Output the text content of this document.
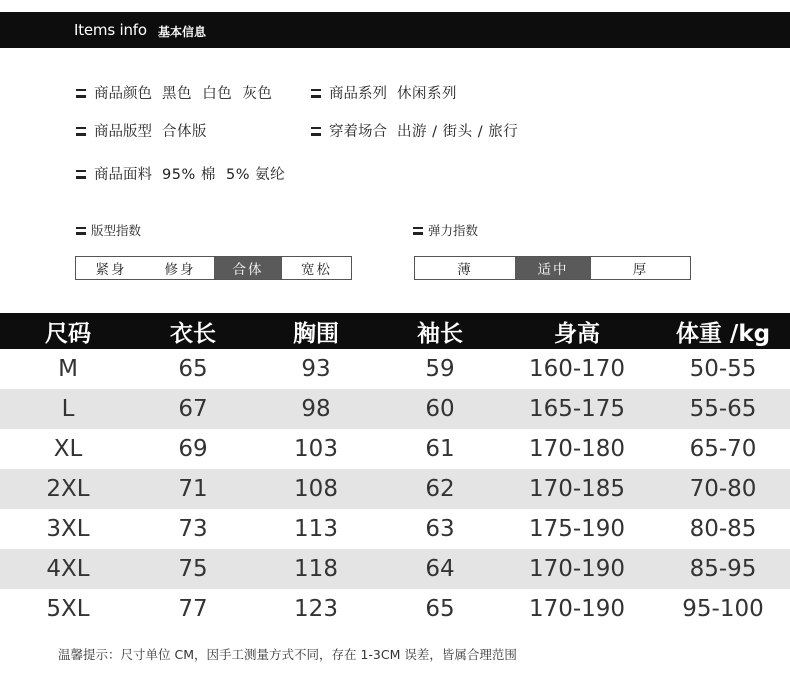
Items info 基本信息
商品颜色 黑色  白色  灰色	商品系列 休闲系列
商品版型 合体版	穿着场合 出游 / 街头 / 旅行
商品面料 95% 棉  5% 氨纶
版型指数
紧身	修身	合体	宽松
弹力指数
薄	适中	厚
尺码	衣长	胸围	袖长	身高	体重 /kg
M	65	93	59	160-170	50-55
L	67	98	60	165-175	55-65
XL	69	103	61	170-180	65-70
2XL	71	108	62	170-185	70-80
3XL	73	113	63	175-190	80-85
4XL	75	118	64	170-190	85-95
5XL	77	123	65	170-190	95-100
温馨提示：尺寸单位 CM，因手工测量方式不同，存在 1-3CM 误差，皆属合理范围
